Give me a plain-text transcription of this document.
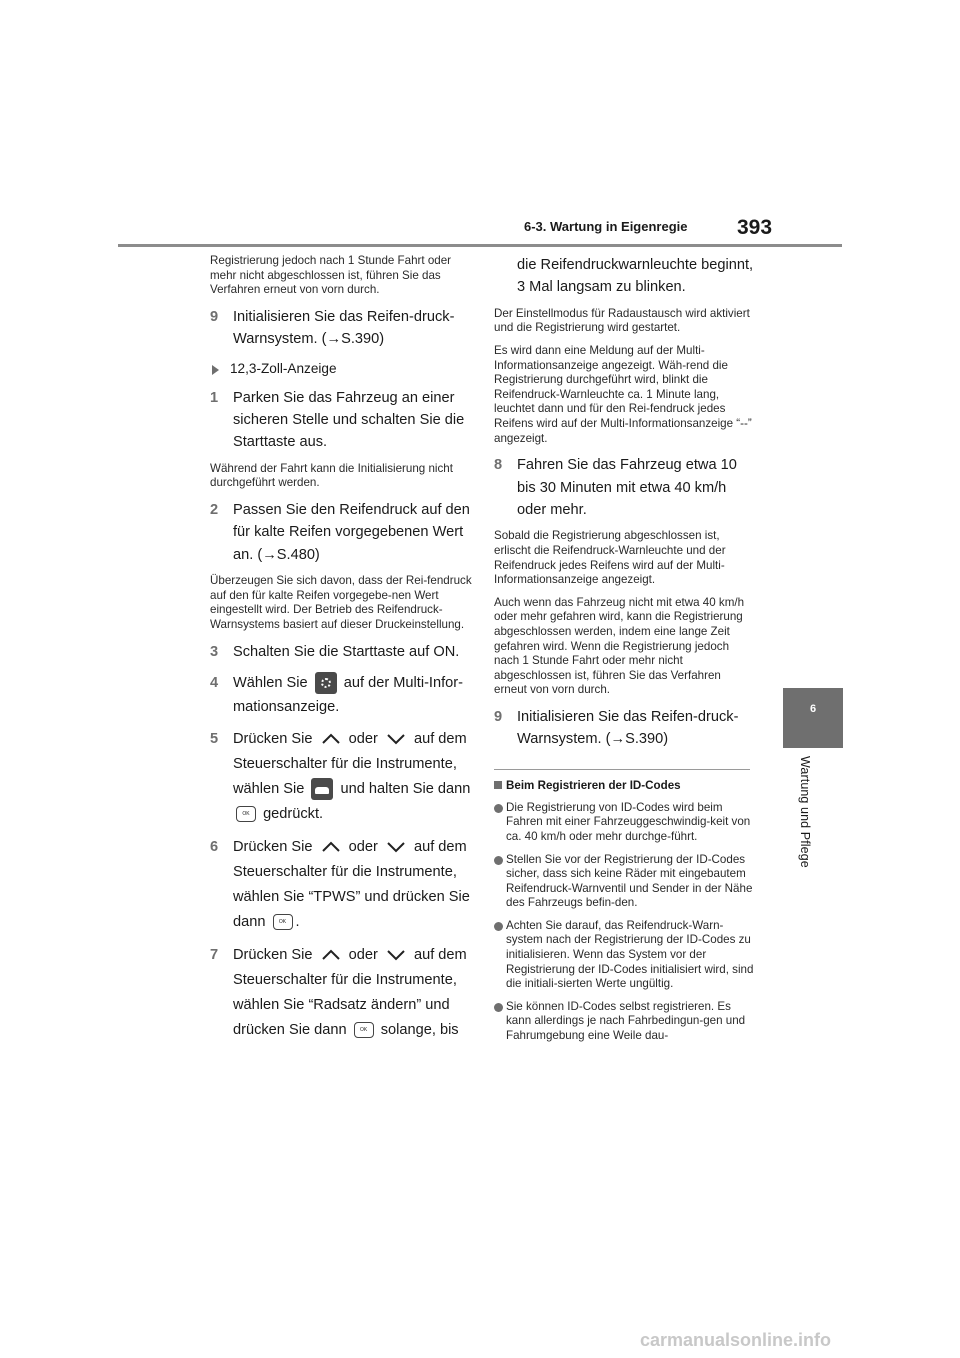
6-3. Wartung in Eigenregie 393
6
Wartung und Pflege

Registrierung jedoch nach 1 Stunde Fahrt oder mehr nicht abgeschlossen ist, führen Sie das Verfahren erneut von vorn durch.

9 Initialisieren Sie das Reifen-druck-Warnsystem. (→S.390)
12,3-Zoll-Anzeige
1 Parken Sie das Fahrzeug an einer sicheren Stelle und schalten Sie die Starttaste aus.

Während der Fahrt kann die Initialisierung nicht durchgeführt werden.

2 Passen Sie den Reifendruck auf den für kalte Reifen vorgegebenen Wert an. (→S.480)

Überzeugen Sie sich davon, dass der Rei-fendruck auf den für kalte Reifen vorgegebe-nen Wert eingestellt wird. Der Betrieb des Reifendruck-Warnsystems basiert auf dieser Druckeinstellung.

3 Schalten Sie die Starttaste auf ON.
4 Wählen Sie auf der Multi-Infor-mationsanzeige.
5 Drücken Sie oder auf dem Steuerschalter für die Instrumente, wählen Sie und halten Sie dann OK gedrückt.
6 Drücken Sie oder auf dem Steuerschalter für die Instrumente, wählen Sie “TPWS” und drücken Sie dann	OK .
7 Drücken Sie oder auf dem Steuerschalter für die Instrumente, wählen Sie “Radsatz ändern” und drücken Sie dann	OK solange, bis
die Reifendruckwarnleuchte beginnt, 3 Mal langsam zu blinken.

Der Einstellmodus für Radaustausch wird aktiviert und die Registrierung wird gestartet.

Es wird dann eine Meldung auf der Multi-Informationsanzeige angezeigt. Wäh-rend die Registrierung durchgeführt wird, blinkt die Reifendruck-Warnleuchte ca. 1 Minute lang, leuchtet dann und für den Rei-fendruck jedes Reifens wird auf der Multi-Informationsanzeige “--” angezeigt.

8 Fahren Sie das Fahrzeug etwa 10 bis 30 Minuten mit etwa 40 km/h oder mehr.

Sobald die Registrierung abgeschlossen ist, erlischt die Reifendruck-Warnleuchte und der Reifendruck jedes Reifens wird auf der Multi-Informationsanzeige angezeigt.

Auch wenn das Fahrzeug nicht mit etwa 40 km/h oder mehr gefahren wird, kann die Registrierung abgeschlossen werden, indem eine lange Zeit gefahren wird. Wenn die Registrierung jedoch nach 1 Stunde Fahrt oder mehr nicht abgeschlossen ist, führen Sie das Verfahren erneut von vorn durch.

9 Initialisieren Sie das Reifen-druck-Warnsystem. (→S.390)
Beim Registrieren der ID-Codes
Die Registrierung von ID-Codes wird beim Fahren mit einer Fahrzeuggeschwindig-keit von ca. 40 km/h oder mehr durchge-führt.
Stellen Sie vor der Registrierung der ID-Codes sicher, dass sich keine Räder mit eingebautem Reifendruck-Warnventil und Sender in der Nähe des Fahrzeugs befin-den.
Achten Sie darauf, das Reifendruck-Warn-system nach der Registrierung der ID-Codes zu initialisieren. Wenn das System vor der Registrierung der ID-Codes initialisiert wird, sind die initiali-sierten Werte ungültig.
Sie können ID-Codes selbst registrieren. Es kann allerdings je nach Fahrbedingun-gen und Fahrumgebung eine Weile dau-
carmanualsonline.info
